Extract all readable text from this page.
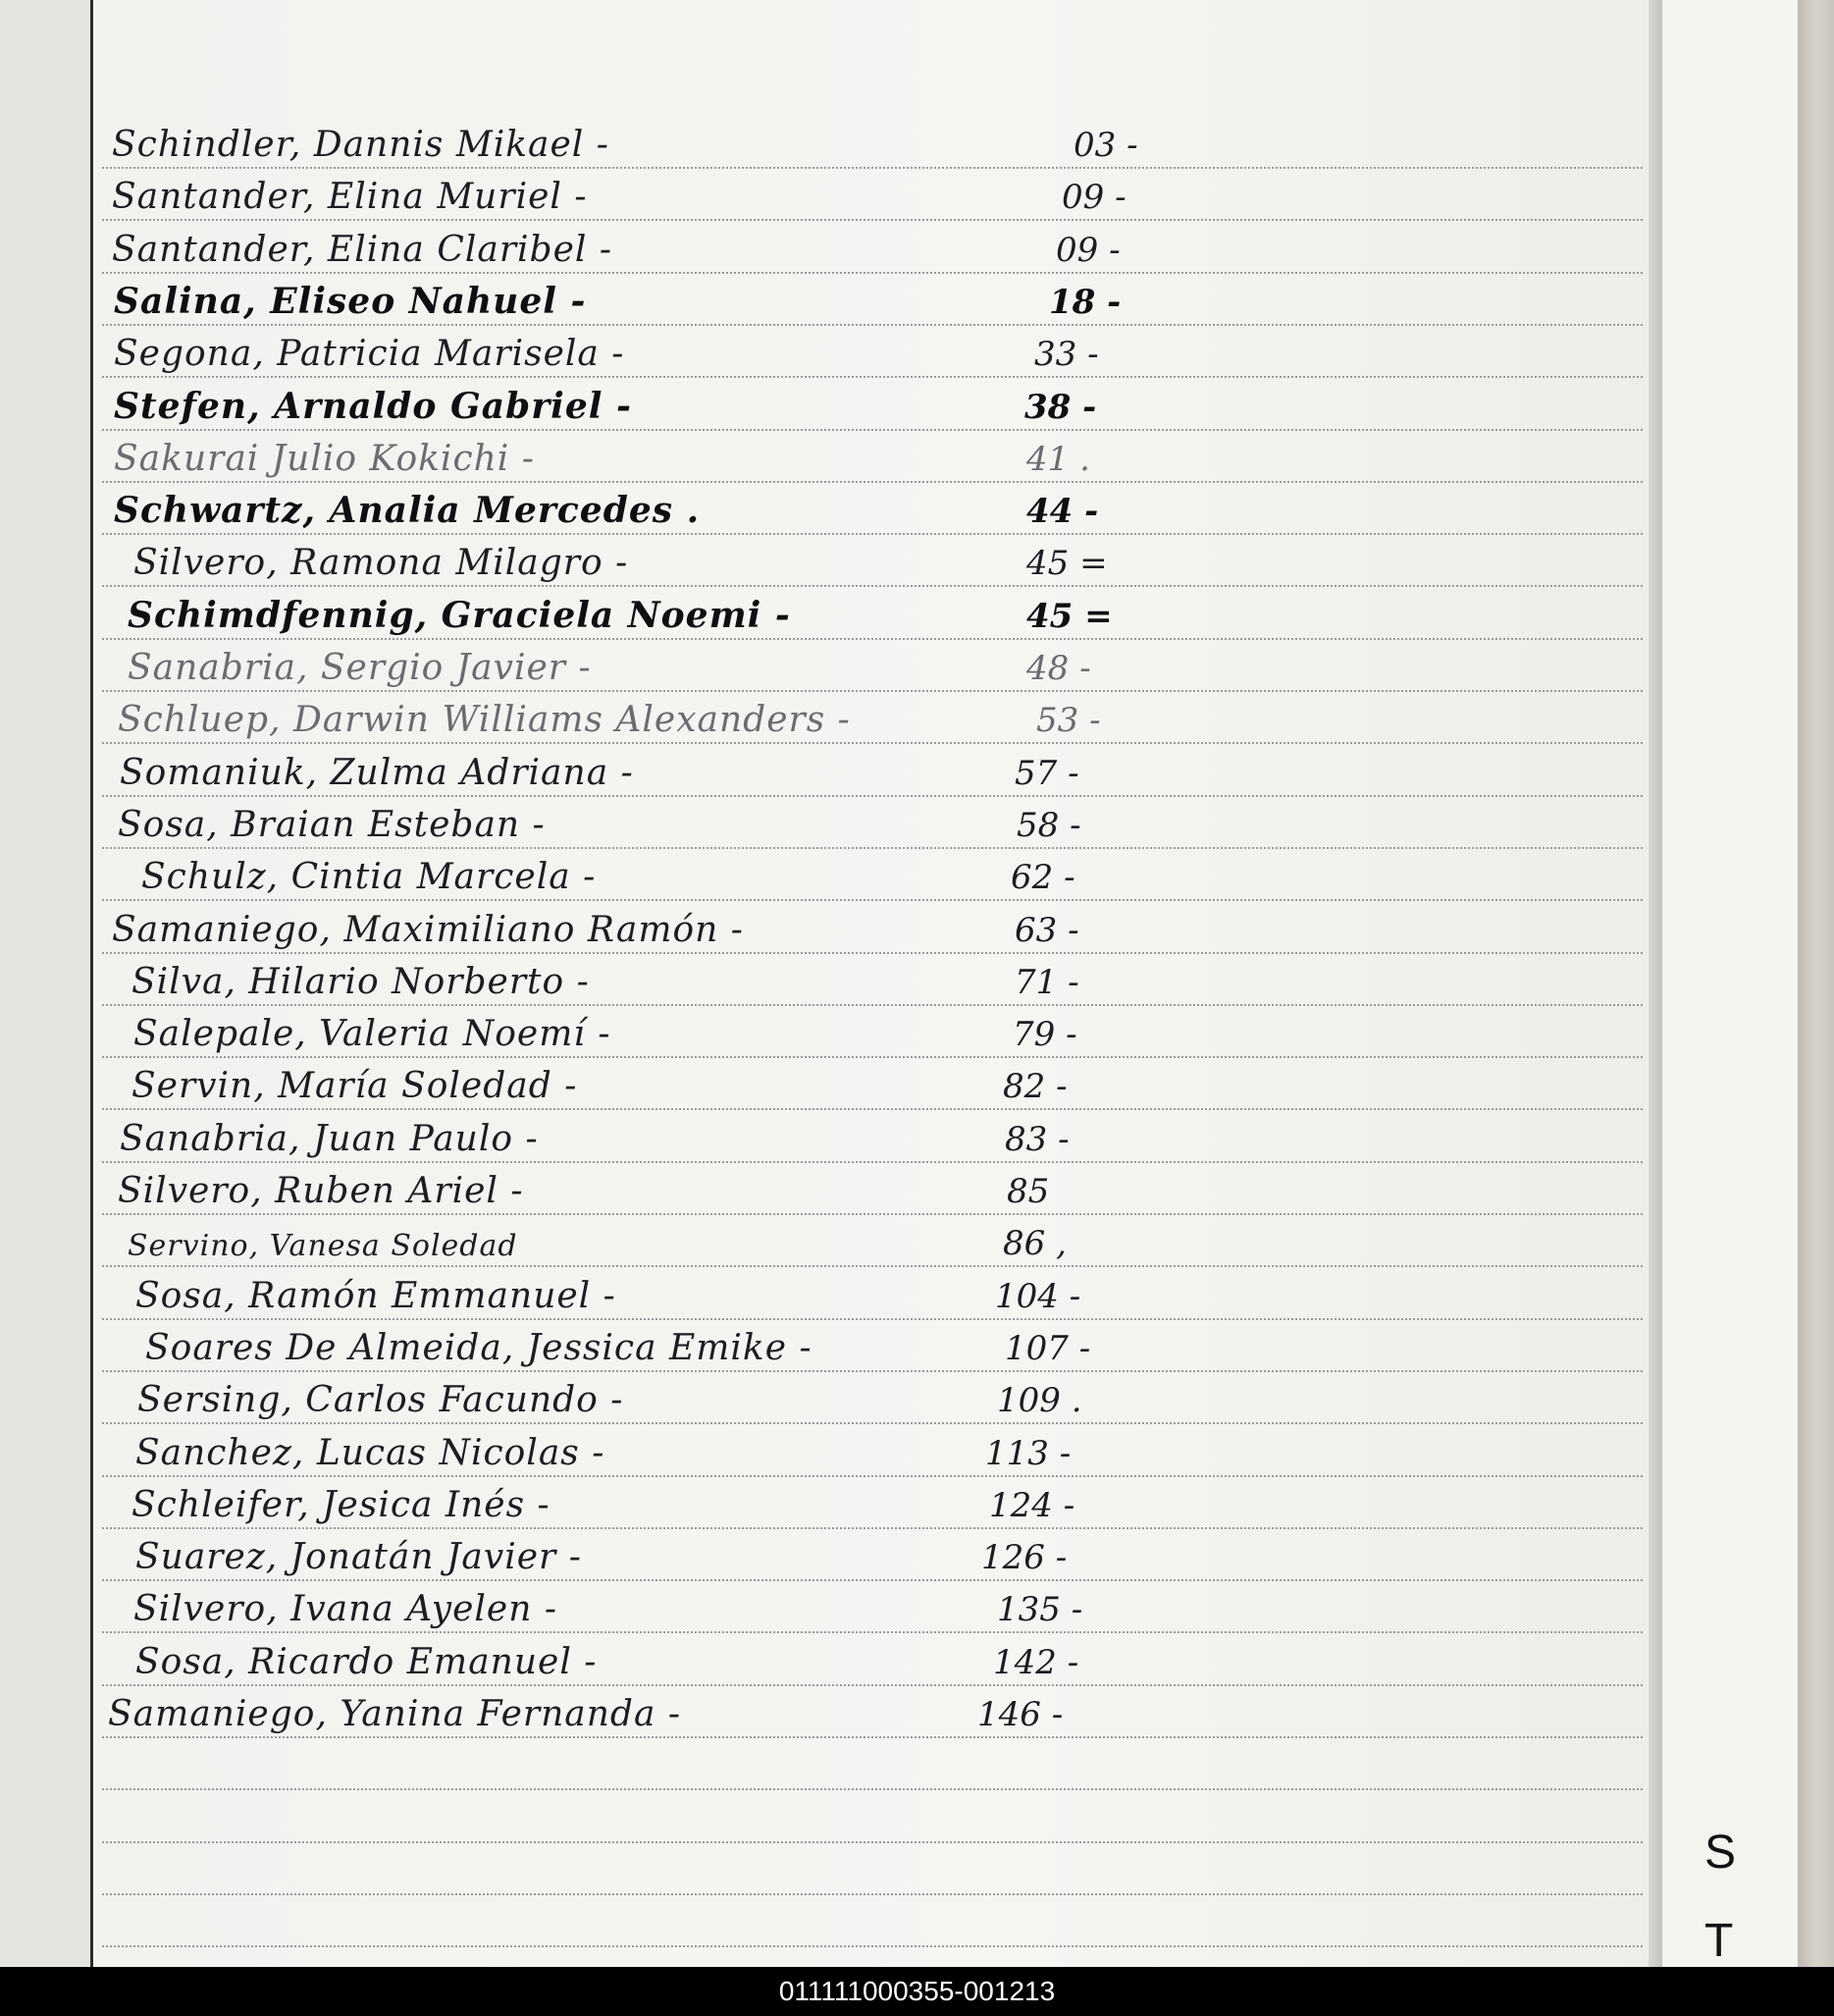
Schindler, Dannis Mikael -	03 -
Santander, Elina Muriel -	09 -
Santander, Elina Claribel -	09 -
Salina, Eliseo Nahuel -	18 -
Segona, Patricia Marisela -	33 -
Stefen, Arnaldo Gabriel -	38 -
Sakurai Julio Kokichi -	41 .
Schwartz, Analia Mercedes .	44 -
Silvero, Ramona Milagro -	45 =
Schimdfennig, Graciela Noemi -	45 =
Sanabria, Sergio Javier -	48 -
Schluep, Darwin Williams Alexanders -	53 -
Somaniuk, Zulma Adriana -	57 -
Sosa, Braian Esteban -	58 -
Schulz, Cintia Marcela -	62 -
Samaniego, Maximiliano Ramón -	63 -
Silva, Hilario Norberto -	71 -
Salepale, Valeria Noemí -	79 -
Servin, María Soledad -	82 -
Sanabria, Juan Paulo -	83 -
Silvero, Ruben Ariel -	85
Servino, Vanesa Soledad	86 ,
Sosa, Ramón Emmanuel -	104 -
Soares De Almeida, Jessica Emike -	107 -
Sersing, Carlos Facundo -	109 .
Sanchez, Lucas Nicolas -	113 -
Schleifer, Jesica Inés -	124 -
Suarez, Jonatán Javier -	126 -
Silvero, Ivana Ayelen -	135 -
Sosa, Ricardo Emanuel -	142 -
Samaniego, Yanina Fernanda -	146 -
S
T
011111000355-001213
